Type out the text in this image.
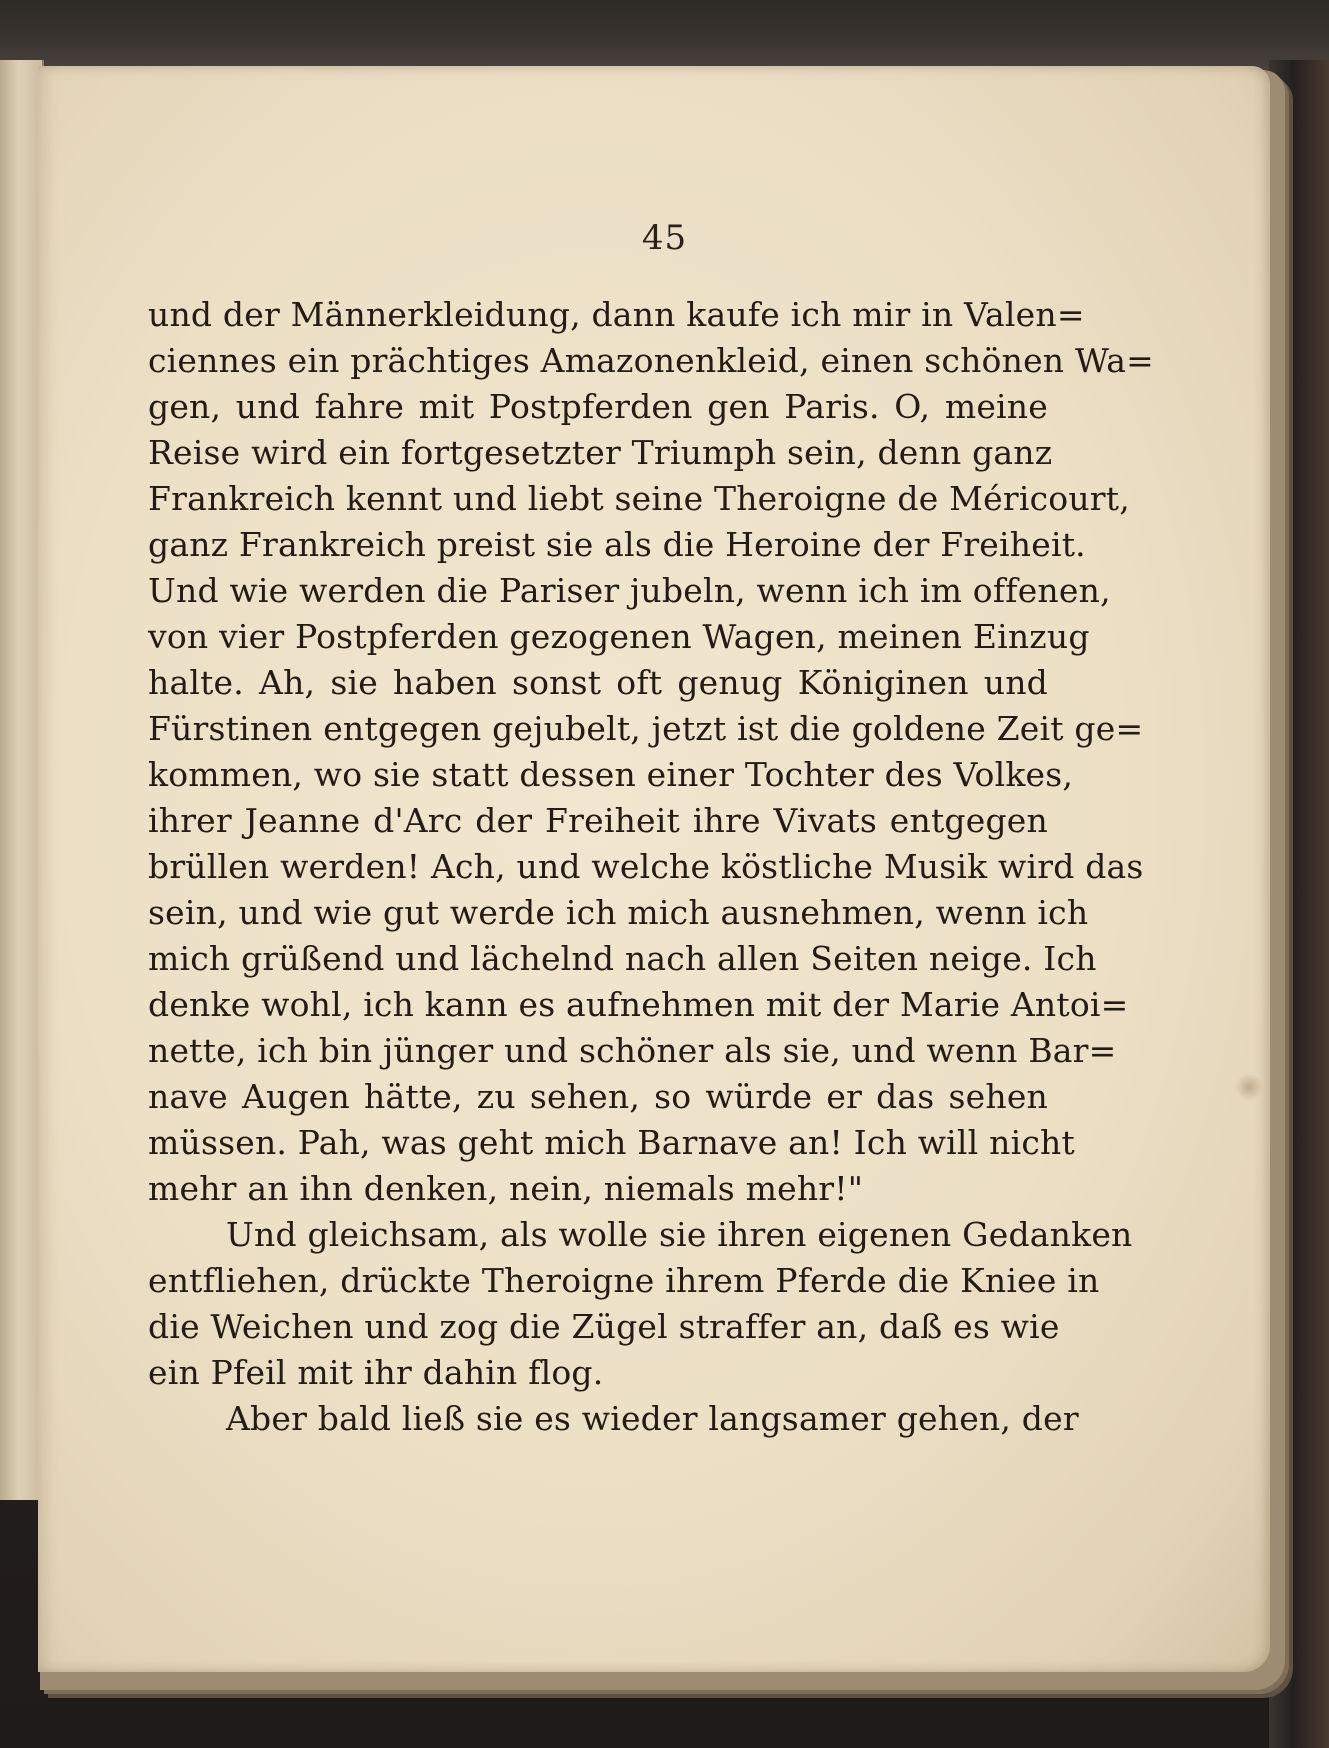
45
und der Männerkleidung, dann kaufe ich mir in Valen=
ciennes ein prächtiges Amazonenkleid, einen schönen Wa=
gen, und fahre mit Postpferden gen Paris. O, meine
Reise wird ein fortgesetzter Triumph sein, denn ganz
Frankreich kennt und liebt seine Theroigne de Méricourt,
ganz Frankreich preist sie als die Heroine der Freiheit.
Und wie werden die Pariser jubeln, wenn ich im offenen,
von vier Postpferden gezogenen Wagen, meinen Einzug
halte. Ah, sie haben sonst oft genug Königinen und
Fürstinen entgegen gejubelt, jetzt ist die goldene Zeit ge=
kommen, wo sie statt dessen einer Tochter des Volkes,
ihrer Jeanne d'Arc der Freiheit ihre Vivats entgegen
brüllen werden! Ach, und welche köstliche Musik wird das
sein, und wie gut werde ich mich ausnehmen, wenn ich
mich grüßend und lächelnd nach allen Seiten neige. Ich
denke wohl, ich kann es aufnehmen mit der Marie Antoi=
nette, ich bin jünger und schöner als sie, und wenn Bar=
nave Augen hätte, zu sehen, so würde er das sehen
müssen. Pah, was geht mich Barnave an! Ich will nicht
mehr an ihn denken, nein, niemals mehr!"
Und gleichsam, als wolle sie ihren eigenen Gedanken
entfliehen, drückte Theroigne ihrem Pferde die Kniee in
die Weichen und zog die Zügel straffer an, daß es wie
ein Pfeil mit ihr dahin flog.
Aber bald ließ sie es wieder langsamer gehen, der
